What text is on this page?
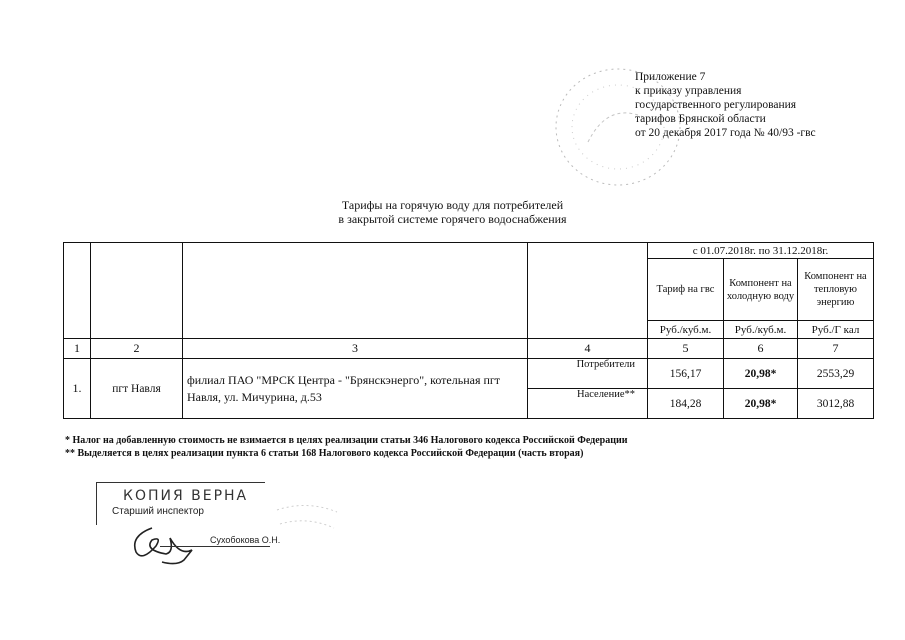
Приложение 7
к приказу управления
государственного регулирования
тарифов Брянской области
от 20 декабря 2017 года № 40/93 -гвс
Тарифы на горячую воду для потребителей
в закрытой системе горячего водоснабжения
				с 01.07.2018г. по 31.12.2018г.		
				Тариф на гвс	Компонент на холодную воду	Компонент на тепловую энергию
				Руб./куб.м.	Руб./куб.м.	Руб./Г кал
1	2	3	4	5	6	7
1.	пгт Навля	филиал ПАО "МРСК Центра - "Брянскэнерго", котельная пгт Навля, ул. Мичурина, д.53	Потребители	156,17	20,98*	2553,29
			Население**	184,28	20,98*	3012,88
* Налог на добавленную стоимость не взимается в целях реализации статьи 346 Налогового кодекса Российской Федерации
** Выделяется в целях реализации пункта 6 статьи 168 Налогового кодекса Российской Федерации (часть вторая)
КОПИЯ ВЕРНА
Старший инспектор
Сухобокова О.Н.
